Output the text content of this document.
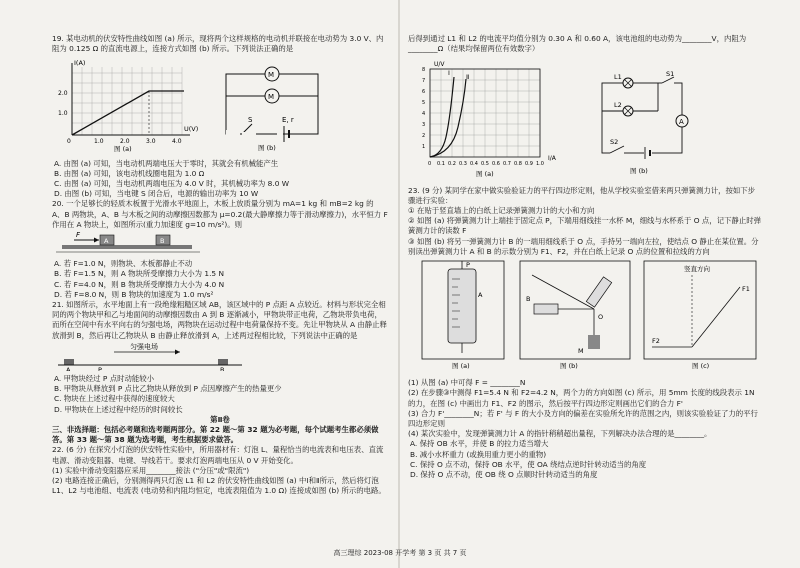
19. 某电动机的伏安特性曲线如图 (a) 所示，现将两个这样规格的电动机并联接在电动势为 3.0 V、内阻为 0.125 Ω 的直流电源上，连接方式如图 (b) 所示。下列说法正确的是

I(A)
U(V)
0	1.0	2.0	3.0	4.0
1.0
2.0
图 (a)
M
M
S	E, r
图 (b)

A. 由图 (a) 可知，当电动机两端电压大于零时，其就会有机械能产生

B. 由图 (a) 可知，该电动机线圈电阻为 1.0 Ω

C. 由图 (a) 可知，当电动机两端电压为 4.0 V 时，其机械功率为 8.0 W

D. 由图 (b) 可知，当电键 S 闭合后，电源的输出功率为 10 W

20. 一个足够长的轻质木板置于光滑水平地面上，木板上放质量分别为 mA=1 kg 和 mB=2 kg 的 A、B 两物块，A、B 与木板之间的动摩擦因数都为 μ=0.2(最大静摩擦力等于滑动摩擦力)，水平恒力 F 作用在 A 物块上，如图所示(重力加速度 g=10 m/s²)。则

F
A	B

A. 若 F=1.0 N，则物块、木板都静止不动

B. 若 F=1.5 N，则 A 物块所受摩擦力大小为 1.5 N

C. 若 F=4.0 N，则 B 物块所受摩擦力大小为 4.0 N

D. 若 F=8.0 N，则 B 物块的加速度为 1.0 m/s²

21. 如图所示，水平地面上有一段绝缘粗糙区域 AB，该区域中的 P 点距 A 点较近。材料与形状完全相同的两个物块甲和乙与地面间的动摩擦因数由 A 到 B 逐渐减小，甲物块带正电荷，乙物块带负电荷，而所在空间中有水平向右的匀强电场，两物块在运动过程中电荷量保持不变。先让甲物块从 A 由静止释放滑到 B，然后再让乙物块从 B 由静止释放滑到 A，上述两过程相比较，下列说法中正确的是

匀强电场
A	P	B

A. 甲物块经过 P 点时动能较小

B. 甲物块从释放到 P 点比乙物块从释放到 P 点因摩擦产生的热量更少

C. 物块在上述过程中获得的速度较大

D. 甲物块在上述过程中经历的时间较长

第Ⅱ卷

三、非选择题：包括必考题和选考题两部分。第 22 题～第 32 题为必考题，每个试题考生都必须做答。第 33 题～第 38 题为选考题，考生根据要求做答。

22. (6 分) 在探究小灯泡的伏安特性实验中，所用器材有：灯泡 L、量程恰当的电流表和电压表、直流电源、滑动变阻器、电键、导线若干。要求灯泡两端电压从 0 V 开始变化。

(1) 实验中滑动变阻器应采用________接法 ("分压"或"限流")

(2) 电路连接正确后，分别测得两只灯泡 L1 和 L2 的伏安特性曲线如图 (a) 中Ⅰ和Ⅱ所示，然后将灯泡 L1、L2 与电池组、电流表 (电动势和内阻均恒定，电流表阻值为 1.0 Ω) 连接成如图 (b) 所示的电路。

后得到通过 L1 和 L2 的电流平均值分别为 0.30 A 和 0.60 A，该电池组的电动势为________V，内阻为________Ω（结果均保留两位有效数字）

Ⅰ Ⅱ
U/V
I/A
0 0.1 0.2 0.3 0.4 0.5 0.6 0.7 0.8 0.9 1.0
1
2
3
4
5
6
7
8
图 (a)
A
L1
L2
S1
S2
图 (b)

23. (9 分) 某同学在家中做实验验证力的平行四边形定则，他从学校实验室借来两只弹簧测力计，按如下步骤进行实验：

① 在贴于竖直墙上的白纸上记录弹簧测力计的大小和方向

② 如图 (a) 将弹簧测力计上端挂于固定点 P，下端用细线挂一水杯 M，细线与水杯系于 O 点，记下静止时弹簧测力计的读数 F

③ 如图 (b) 将另一弹簧测力计 B 的一端用细线系于 O 点，手持另一端向左拉，使结点 O 静止在某位置。分别读出弹簧测力计 A 和 B 的示数分别为 F1、F2，并在白纸上记录 O 点的位置和拉线的方向

P
A
图 (a)
O
M
B
图 (b)
竖直方向
F1
F2
图 (c)

(1) 从图 (a) 中可得 F = ________N

(2) 在步骤③中测得 F1=5.4 N 和 F2=4.2 N，两个力的方向如图 (c) 所示，用 5mm 长度的线段表示 1N 的力，在图 (c) 中画出力 F1、F2 的图示，然后按平行四边形定则画出它们的合力 F'

(3) 合力 F'________N；若 F' 与 F 的大小及方向的偏差在实验所允许的范围之内，则该实验验证了力的平行四边形定则

(4) 某次实验中，发现弹簧测力计 A 的指针稍稍超出量程，下列解决办法合理的是________。

A. 保持 OB 水平，并使 B 的拉力适当增大

B. 减小水杯重力 (或换用重力更小的重物)

C. 保持 O 点不动，保持 OB 水平，使 OA 绕结点逆时针转动适当的角度

D. 保持 O 点不动，使 OB 绕 O 点顺时针转动适当的角度

高三理综 2023-08 开学考 第 3 页 共 7 页
